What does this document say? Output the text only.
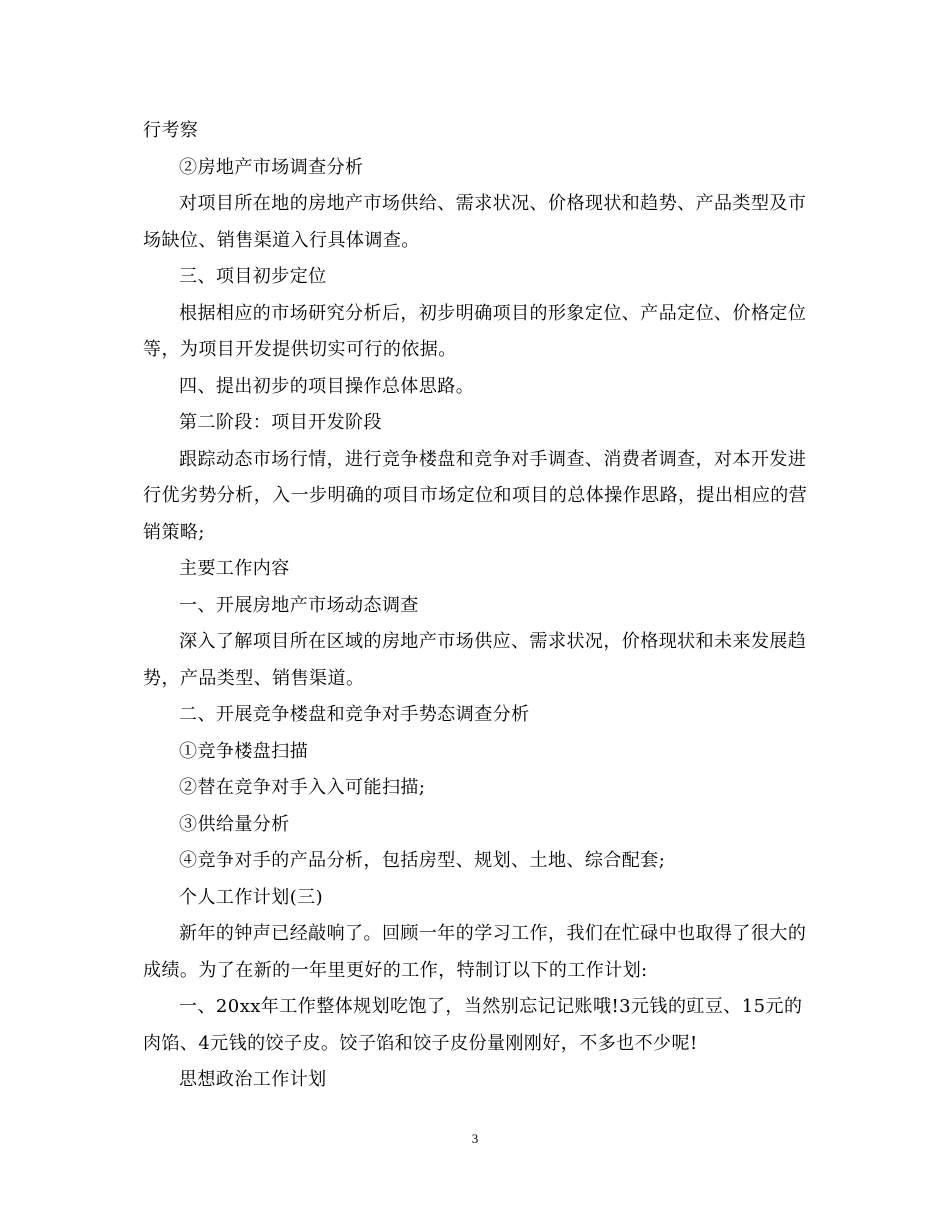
行考察

②房地产市场调查分析

对项目所在地的房地产市场供给、需求状况、价格现状和趋势、产品类型及市场缺位、销售渠道入行具体调查。

三、项目初步定位

根据相应的市场研究分析后，初步明确项目的形象定位、产品定位、价格定位等，为项目开发提供切实可行的依据。

四、提出初步的项目操作总体思路。

第二阶段：项目开发阶段

跟踪动态市场行情，进行竞争楼盘和竞争对手调查、消费者调查，对本开发进行优劣势分析，入一步明确的项目市场定位和项目的总体操作思路，提出相应的营销策略;

主要工作内容

一、开展房地产市场动态调查

深入了解项目所在区域的房地产市场供应、需求状况，价格现状和未来发展趋势，产品类型、销售渠道。

二、开展竞争楼盘和竞争对手势态调查分析

①竞争楼盘扫描

②替在竞争对手入入可能扫描;

③供给量分析

④竞争对手的产品分析，包括房型、规划、土地、综合配套;

个人工作计划(三)

新年的钟声已经敲响了。回顾一年的学习工作，我们在忙碌中也取得了很大的成绩。为了在新的一年里更好的工作，特制订以下的工作计划:

一、20xx年工作整体规划吃饱了，当然别忘记记账哦!3元钱的豇豆、15元的肉馅、4元钱的饺子皮。饺子馅和饺子皮份量刚刚好，不多也不少呢!

思想政治工作计划

3
